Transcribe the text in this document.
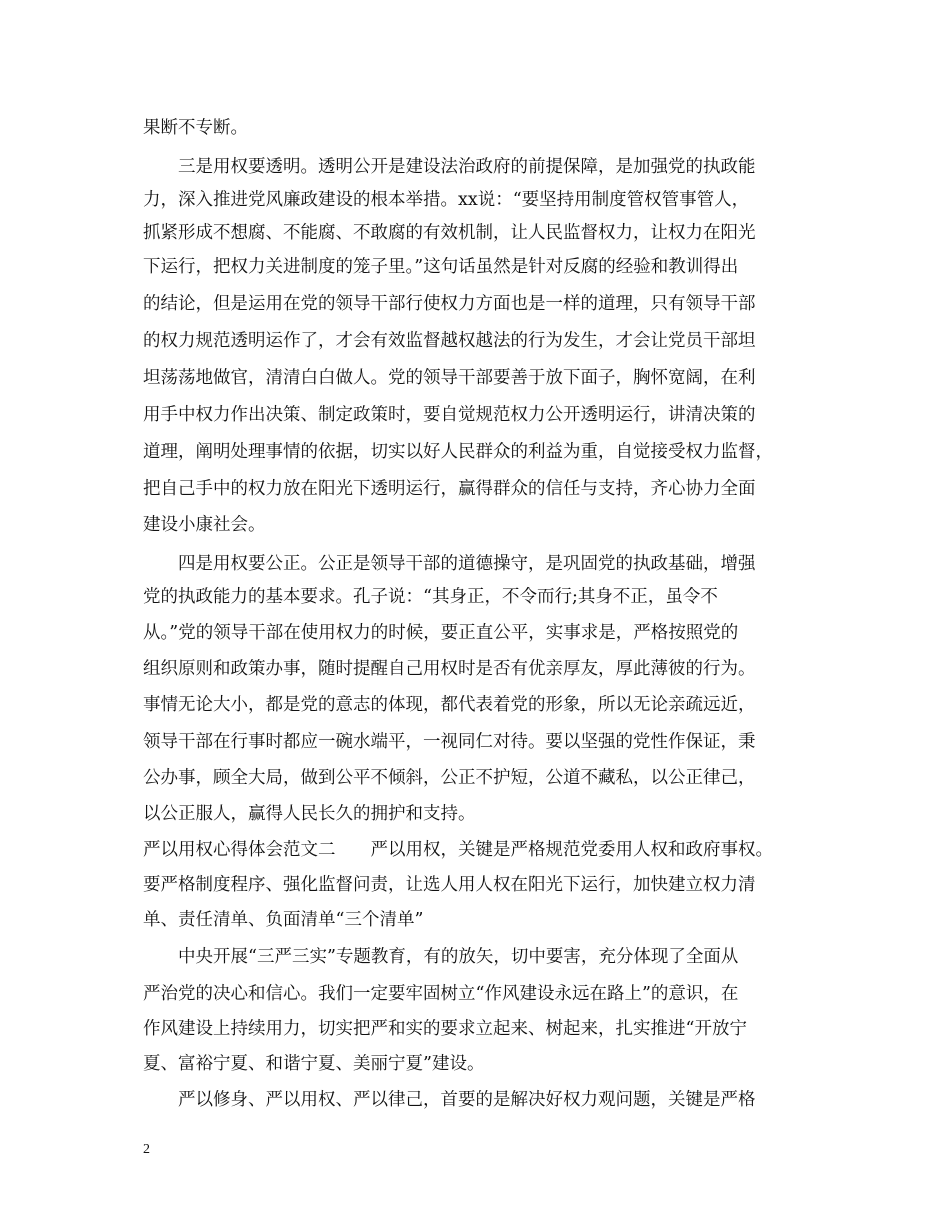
果断不专断。
　　三是用权要透明。透明公开是建设法治政府的前提保障，是加强党的执政能
力，深入推进党风廉政建设的根本举措。xx说：“要坚持用制度管权管事管人，
抓紧形成不想腐、不能腐、不敢腐的有效机制，让人民监督权力，让权力在阳光
下运行，把权力关进制度的笼子里。”这句话虽然是针对反腐的经验和教训得出
的结论，但是运用在党的领导干部行使权力方面也是一样的道理，只有领导干部
的权力规范透明运作了，才会有效监督越权越法的行为发生，才会让党员干部坦
坦荡荡地做官，清清白白做人。党的领导干部要善于放下面子，胸怀宽阔，在利
用手中权力作出决策、制定政策时，要自觉规范权力公开透明运行，讲清决策的
道理，阐明处理事情的依据，切实以好人民群众的利益为重，自觉接受权力监督，
把自己手中的权力放在阳光下透明运行，赢得群众的信任与支持，齐心协力全面
建设小康社会。
　　四是用权要公正。公正是领导干部的道德操守，是巩固党的执政基础，增强
党的执政能力的基本要求。孔子说：“其身正，不令而行;其身不正，虽令不
从。”党的领导干部在使用权力的时候，要正直公平，实事求是，严格按照党的
组织原则和政策办事，随时提醒自己用权时是否有优亲厚友，厚此薄彼的行为。
事情无论大小，都是党的意志的体现，都代表着党的形象，所以无论亲疏远近，
领导干部在行事时都应一碗水端平，一视同仁对待。要以坚强的党性作保证，秉
公办事，顾全大局，做到公平不倾斜，公正不护短，公道不藏私，以公正律己，
以公正服人，赢得人民长久的拥护和支持。
严以用权心得体会范文二　　严以用权，关键是严格规范党委用人权和政府事权。
要严格制度程序、强化监督问责，让选人用人权在阳光下运行，加快建立权力清
单、责任清单、负面清单“三个清单”
　　中央开展“三严三实”专题教育，有的放矢，切中要害，充分体现了全面从
严治党的决心和信心。我们一定要牢固树立“作风建设永远在路上”的意识，在
作风建设上持续用力，切实把严和实的要求立起来、树起来，扎实推进“开放宁
夏、富裕宁夏、和谐宁夏、美丽宁夏”建设。
　　严以修身、严以用权、严以律己，首要的是解决好权力观问题，关键是严格
2
